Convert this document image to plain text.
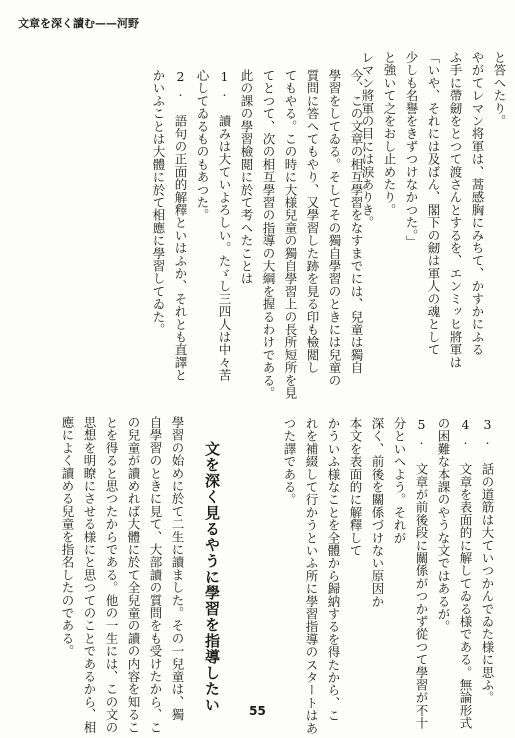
文章を深く讀む——河野
と答へたり。
やがてレマン将軍は、蒿感胸にみちて、かすかにふる
ふ手に帶劒をとつて渡さんとするを、エンミッヒ將軍は
「いや、それには及ばん、閣下の劒は軍人の魂として
少しも名譽をきずつけなかつた。」
と強いて之をおし止めたり。
レマン將軍の目には淚ありき。
今、この文章の相互學習をなすまでには、兒童は獨自
學習をしてゐる。そしてその獨自學習のときには兒童の
質問に答へてもやり、又學習した跡を見る印も檢閲し
てもやる。この時に大様兒童の獨自學習上の長所短所を見
てとつて、次の相互學習の指導の大綱を握るわけである。
此の課の學習檢閲に於て考へたことは
1. 讀みは大ていよろしい。たゞし三四人は中々苦
心してゐるものもあつた。
2. 語句の正面的解釋といはふか、それとも直譯と
かいふことは大體に於て相應に學習してゐた。
3. 話の道筋は大ていつかんでゐた様に思ふ。
4. 文章を表面的に解してゐる様である。無論形式
の困難な本課のやうな文ではあるが。
5. 文章が前後段に關係がつかず從つて學習が不十
分といへよう。それが
深く、前後を關係づけない原因か
本文を表面的に解釋して
かういふ様なことを全體から歸納するを得たから、こ
れを補綴して行かうといふ所に學習指導のスタートはあ
つた譯である。
文を深く見るやうに學習を指導したい
學習の始めに於て二生に讀ました。その一兒童は、獨
自學習のときに見て、大部讀の質問をも受けたから、こ
の兒童が讀めれば大體に於て全兒童の讀の内容を知るこ
とを得ると思つたからである。他の一生には、この文の
思想を明瞭にさせる様にと思つてのことであるから、相
應によく讀める兒童を指名したのである。
55
